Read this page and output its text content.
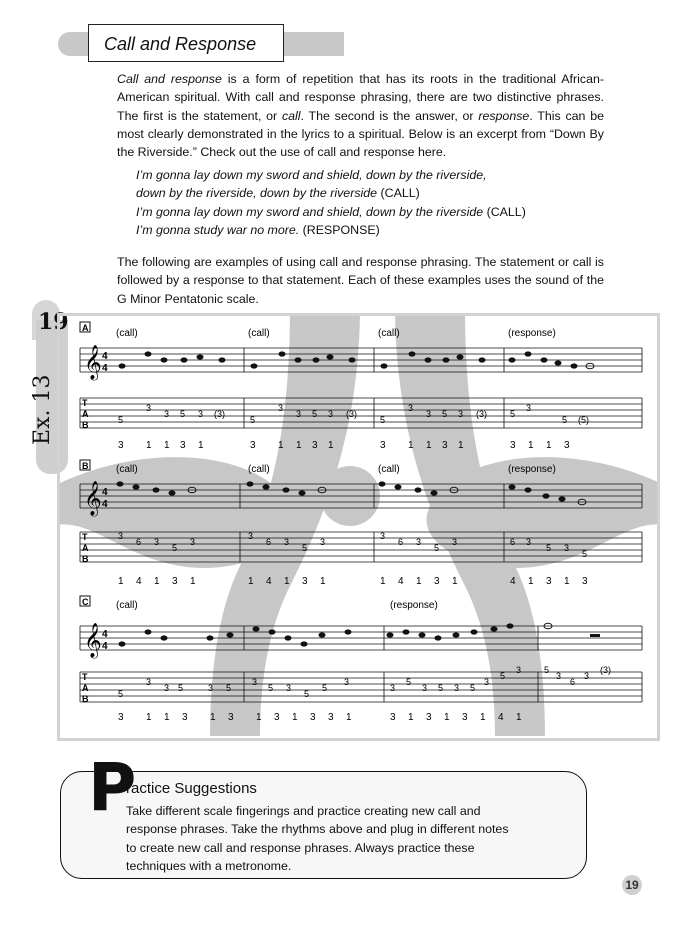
Call and Response
Call and response is a form of repetition that has its roots in the traditional African-American spiritual. With call and response phrasing, there are two distinctive phrases. The first is the statement, or call. The second is the answer, or response. This can be most clearly demonstrated in the lyrics to a spiritual. Below is an excerpt from “Down By the Riverside.” Check out the use of call and response here.
I’m gonna lay down my sword and shield, down by the riverside,
down by the riverside, down by the riverside (CALL)
I’m gonna lay down my sword and shield, down by the riverside (CALL)
I’m gonna study war no more. (RESPONSE)
The following are examples of using call and response phrasing. The statement or call is followed by a response to that statement. Each of these examples uses the sound of the G Minor Pentatonic scale.
19
Ex. 13
A	(call)	(call)	(call)	(response)
𝄞 4
4
T
A
B	5
3
3 5 3 (3)
5
3
3 5 3 (3)
5
3
3 5 3 (3)	5
3
5 (5)
3 1 1 3 1	3 1 1 3 1	3 1 1 3 1	3 1 1 3
B	(call)	(call)	(call)	(response)
𝄞 4
4
T
A
B
3
6 3
5
3
3
6 3
5
3
3
6 3
5
3	6 3
5 3
5
1 4 1 3 1	1 4 1 3 1	1 4 1 3 1	4 1 3 1 3
C	(call)	(response)
𝄞 4
4
T
A
B	5
3
3 5	3 5
3
5 3
5
5
3
3
5
3 5 3 5
3
5
3	5
3
6
3
(3)
3 1 1 3 1 3 1 3 1 3 3 1	3 1 3 1 3 1 4 1
P
ractice Suggestions
Take different scale fingerings and practice creating new call and response phrases. Take the rhythms above and plug in different notes to create new call and response phrases. Always practice these techniques with a metronome.
19
